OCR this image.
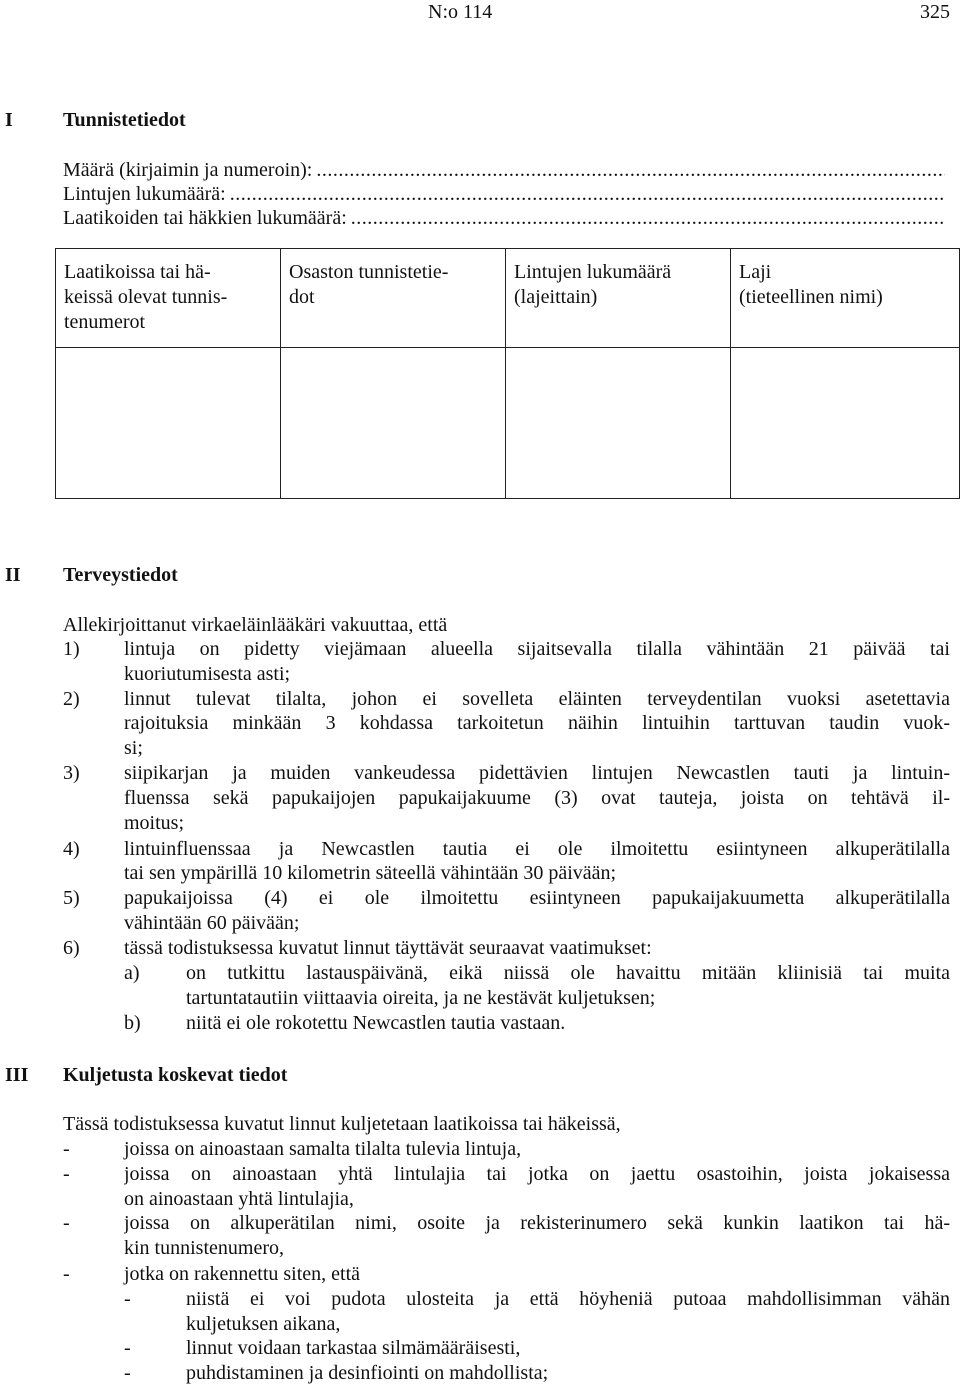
N:o 114	325
I	Tunnistetiedot
Määrä (kirjaimin ja numeroin):
.....
Lintujen lukumäärä:
.....
Laatikoiden tai häkkien lukumäärä:
.....
Laatikoissa tai hä-
keissä olevat tunnis-
tenumerot	Osaston tunnistetie-
dot	Lintujen lukumäärä
(lajeittain)	Laji
(tieteellinen nimi)

II Terveystiedot
Allekirjoittanut virkaeläinlääkäri vakuuttaa, että
1) lintuja on pidetty viejämaan alueella sijaitsevalla tilalla vähintään 21 päivää tai
kuoriutumisesta asti;
2) linnut tulevat tilalta, johon ei sovelleta eläinten terveydentilan vuoksi asetettavia
rajoituksia minkään 3 kohdassa tarkoitetun näihin lintuihin tarttuvan taudin vuok-
si;
3) siipikarjan ja muiden vankeudessa pidettävien lintujen Newcastlen tauti ja lintuin-
fluenssa sekä papukaijojen papukaijakuume (3) ovat tauteja, joista on tehtävä il-
moitus;
4) lintuinfluenssaa ja Newcastlen tautia ei ole ilmoitettu esiintyneen alkuperätilalla
tai sen ympärillä 10 kilometrin säteellä vähintään 30 päivään;
5) papukaijoissa (4) ei ole ilmoitettu esiintyneen papukaijakuumetta alkuperätilalla
vähintään 60 päivään;
6) tässä todistuksessa kuvatut linnut täyttävät seuraavat vaatimukset:
a) on tutkittu lastauspäivänä, eikä niissä ole havaittu mitään kliinisiä tai muita
tartuntatautiin viittaavia oireita, ja ne kestävät kuljetuksen;
b) niitä ei ole rokotettu Newcastlen tautia vastaan.
III Kuljetusta koskevat tiedot
Tässä todistuksessa kuvatut linnut kuljetetaan laatikoissa tai häkeissä,
-	joissa on ainoastaan samalta tilalta tulevia lintuja,
-	joissa on ainoastaan yhtä lintulajia tai jotka on jaettu osastoihin, joista jokaisessa
on ainoastaan yhtä lintulajia,
-	joissa on alkuperätilan nimi, osoite ja rekisterinumero sekä kunkin laatikon tai hä-
kin tunnistenumero,
-	jotka on rakennettu siten, että
-	niistä ei voi pudota ulosteita ja että höyheniä putoaa mahdollisimman vähän
kuljetuksen aikana,
-	linnut voidaan tarkastaa silmämääräisesti,
-	puhdistaminen ja desinfiointi on mahdollista;
